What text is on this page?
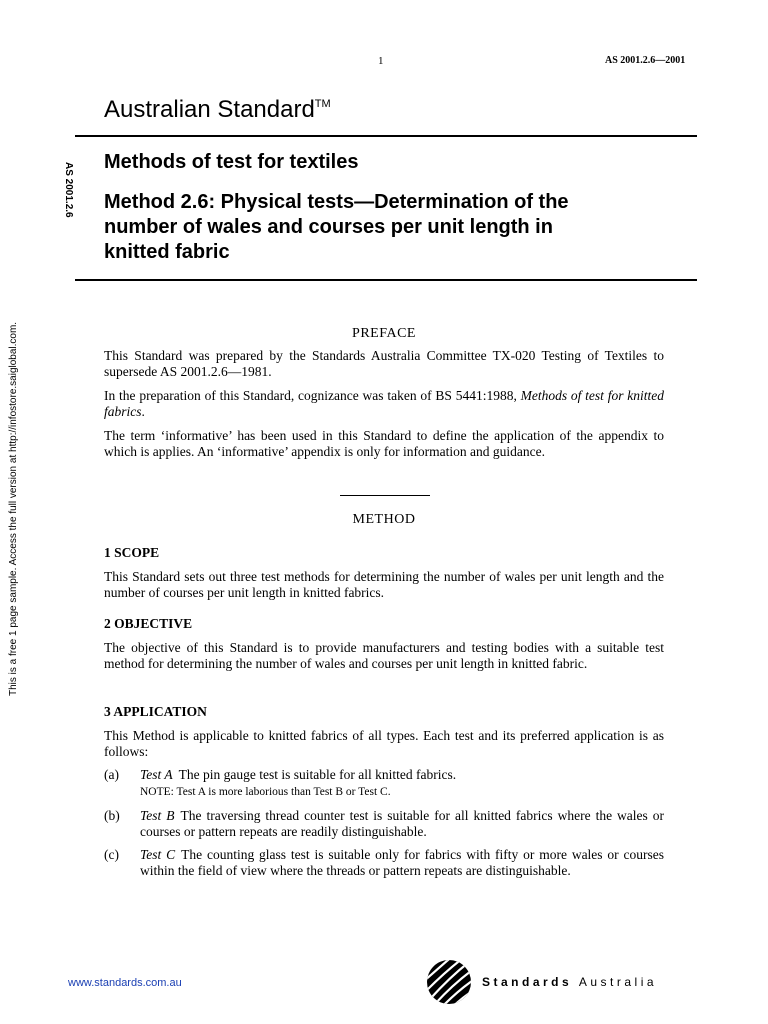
1	AS 2001.2.6—2001
Australian Standard™
AS 2001.2.6
This is a free 1 page sample. Access the full version at http://infostore.saiglobal.com.
Methods of test for textiles
Method 2.6: Physical tests—Determination of the
number of wales and courses per unit length in
knitted fabric
PREFACE
This Standard was prepared by the Standards Australia Committee TX-020 Testing of Textiles to supersede AS 2001.2.6—1981.
In the preparation of this Standard, cognizance was taken of BS 5441:1988, Methods of test for knitted fabrics.
The term ‘informative’ has been used in this Standard to define the application of the appendix to which is applies. An ‘informative’ appendix is only for information and guidance.
METHOD
1 SCOPE
This Standard sets out three test methods for determining the number of wales per unit length and the number of courses per unit length in knitted fabrics.
2 OBJECTIVE
The objective of this Standard is to provide manufacturers and testing bodies with a suitable test method for determining the number of wales and courses per unit length in knitted fabric.
3 APPLICATION
This Method is applicable to knitted fabrics of all types. Each test and its preferred application is as follows:
(a) Test A The pin gauge test is suitable for all knitted fabrics.
NOTE: Test A is more laborious than Test B or Test C.
(b) Test B The traversing thread counter test is suitable for all knitted fabrics where the wales or courses or pattern repeats are readily distinguishable.
(c) Test C The counting glass test is suitable only for fabrics with fifty or more wales or courses within the field of view where the threads or pattern repeats are distinguishable.
www.standards.com.au	Standards Australia
